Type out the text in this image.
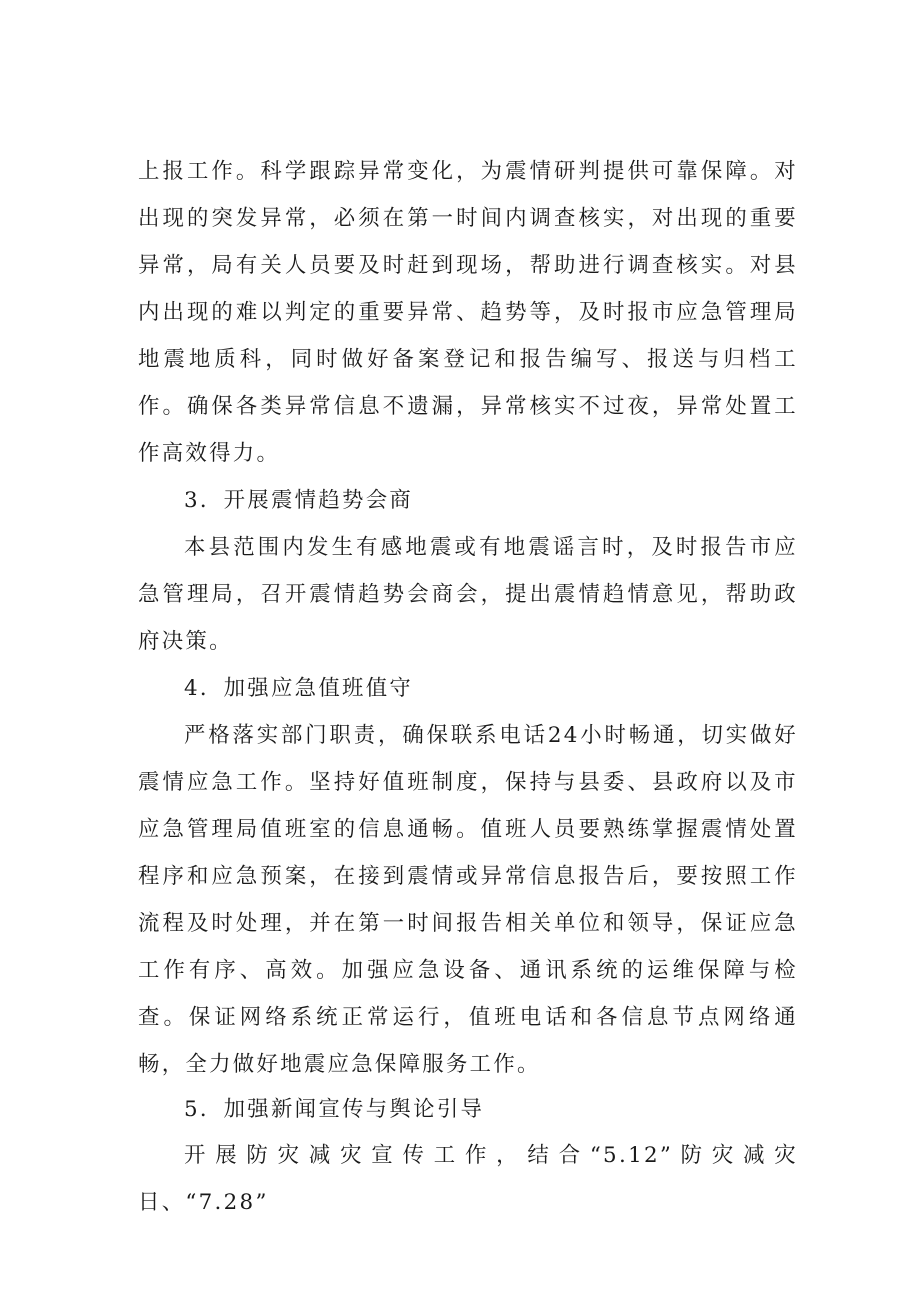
上报工作。科学跟踪异常变化，为震情研判提供可靠保障。对出现的突发异常，必须在第一时间内调查核实，对出现的重要异常，局有关人员要及时赶到现场，帮助进行调查核实。对县内出现的难以判定的重要异常、趋势等，及时报市应急管理局地震地质科，同时做好备案登记和报告编写、报送与归档工作。确保各类异常信息不遗漏，异常核实不过夜，异常处置工作高效得力。

3．开展震情趋势会商

本县范围内发生有感地震或有地震谣言时，及时报告市应急管理局，召开震情趋势会商会，提出震情趋情意见，帮助政府决策。

4．加强应急值班值守

严格落实部门职责，确保联系电话24小时畅通，切实做好震情应急工作。坚持好值班制度，保持与县委、县政府以及市应急管理局值班室的信息通畅。值班人员要熟练掌握震情处置程序和应急预案，在接到震情或异常信息报告后，要按照工作流程及时处理，并在第一时间报告相关单位和领导，保证应急工作有序、高效。加强应急设备、通讯系统的运维保障与检查。保证网络系统正常运行，值班电话和各信息节点网络通畅，全力做好地震应急保障服务工作。

5．加强新闻宣传与舆论引导

开展防灾减灾宣传工作，结合“5.12”防灾减灾日、“7.28”
